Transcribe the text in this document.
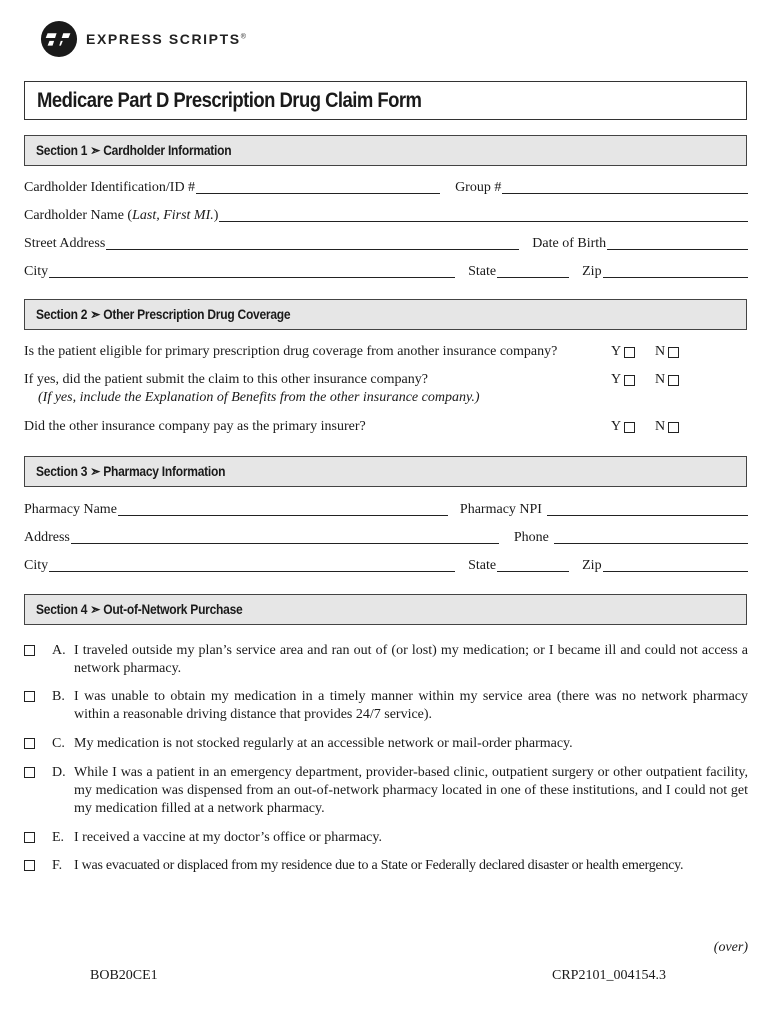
EXPRESS SCRIPTS®
Medicare Part D Prescription Drug Claim Form
Section 1 ➣ Cardholder Information
Cardholder Identification/ID #	Group #
Cardholder Name (Last, First MI.)
Street Address	Date of Birth
City	State	Zip
Section 2 ➣ Other Prescription Drug Coverage
Is the patient eligible for primary prescription drug coverage from another insurance company?	Y N
If yes, did the patient submit the claim to this other insurance company?
(If yes, include the Explanation of Benefits from the other insurance company.)
Y N
Did the other insurance company pay as the primary insurer?	Y N
Section 3 ➣ Pharmacy Information
Pharmacy Name	Pharmacy NPI
Address	Phone
City	State	Zip
Section 4 ➣ Out-of-Network Purchase
A. I traveled outside my plan’s service area and ran out of (or lost) my medication; or I became ill and could not access a network pharmacy.
B. I was unable to obtain my medication in a timely manner within my service area (there was no network pharmacy within a reasonable driving distance that provides 24/7 service).
C. My medication is not stocked regularly at an accessible network or mail-order pharmacy.
D. While I was a patient in an emergency department, provider-based clinic, outpatient surgery or other outpatient facility, my medication was dispensed from an out-of-network pharmacy located in one of these institutions, and I could not get my medication filled at a network pharmacy.
E. I received a vaccine at my doctor’s office or pharmacy.
F. I was evacuated or displaced from my residence due to a State or Federally declared disaster or health emergency.
(over)
BOB20CE1	CRP2101_004154.3
